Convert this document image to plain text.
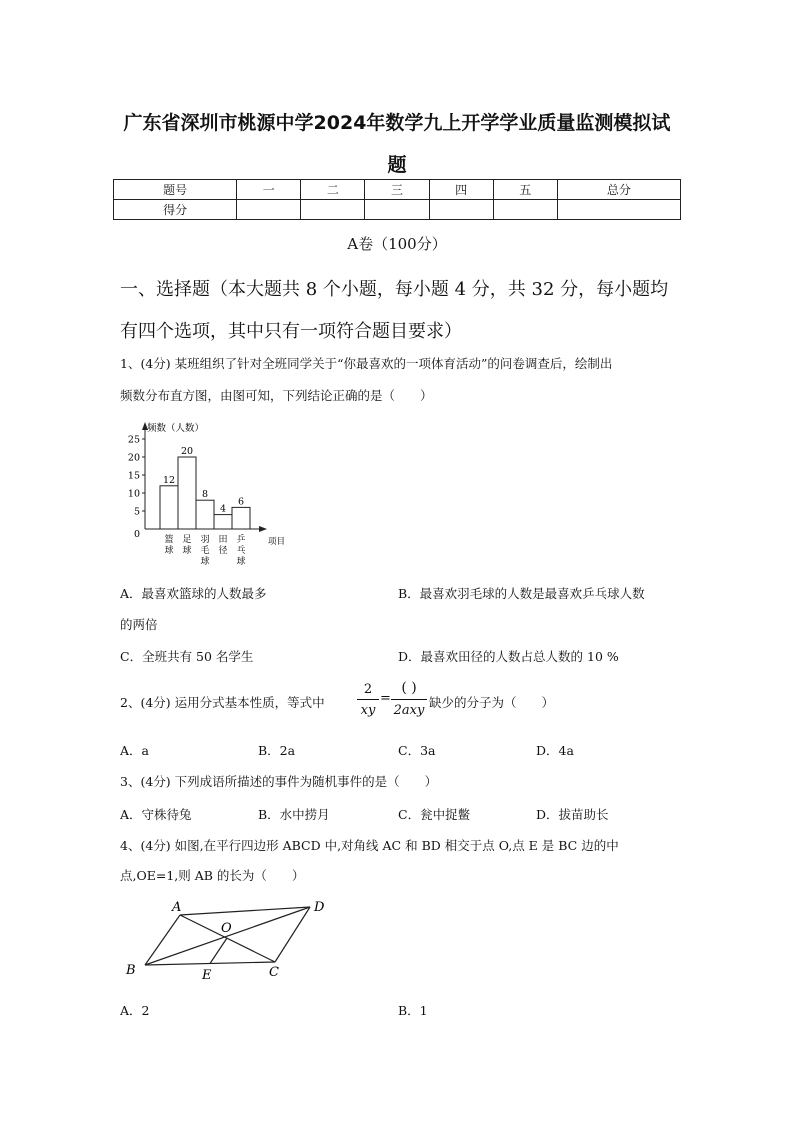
广东省深圳市桃源中学2024年数学九上开学学业质量监测模拟试
题
题号	一	二	三	四	五	总分
得分						
A卷（100分）
一、选择题（本大题共 8 个小题，每小题 4 分，共 32 分，每小题均
有四个选项，其中只有一项符合题目要求）
1、(4分) 某班组织了针对全班同学关于“你最喜欢的一项体育活动”的问卷调查后，绘制出
频数分布直方图，由图可知，下列结论正确的是（　　）
频数（人数）
项目
0
5
10
15
20
25
12
篮
球
20
足
球
8
羽
毛
球
4
田
径
6
乒
乓
球
A．最喜欢篮球的人数最多	B．最喜欢羽毛球的人数是最喜欢乒乓球人数
的两倍
C．全班共有 50 名学生	D．最喜欢田径的人数占总人数的 10 %
2、(4分) 运用分式基本性质，等式中
2
xy
=
( )
2axy
缺少的分子为（　　）
A．a	B．2a	C．3a	D．4a
3、(4分) 下列成语所描述的事件为随机事件的是（　　）
A．守株待兔	B．水中捞月	C．瓮中捉鳖	D．拔苗助长
4、(4分) 如图,在平行四边形 ABCD 中,对角线 AC 和 BD 相交于点 O,点 E 是 BC 边的中
点,OE=1,则 AB 的长为（　　）
A	D
O
B	E	C
A．2	B．1
